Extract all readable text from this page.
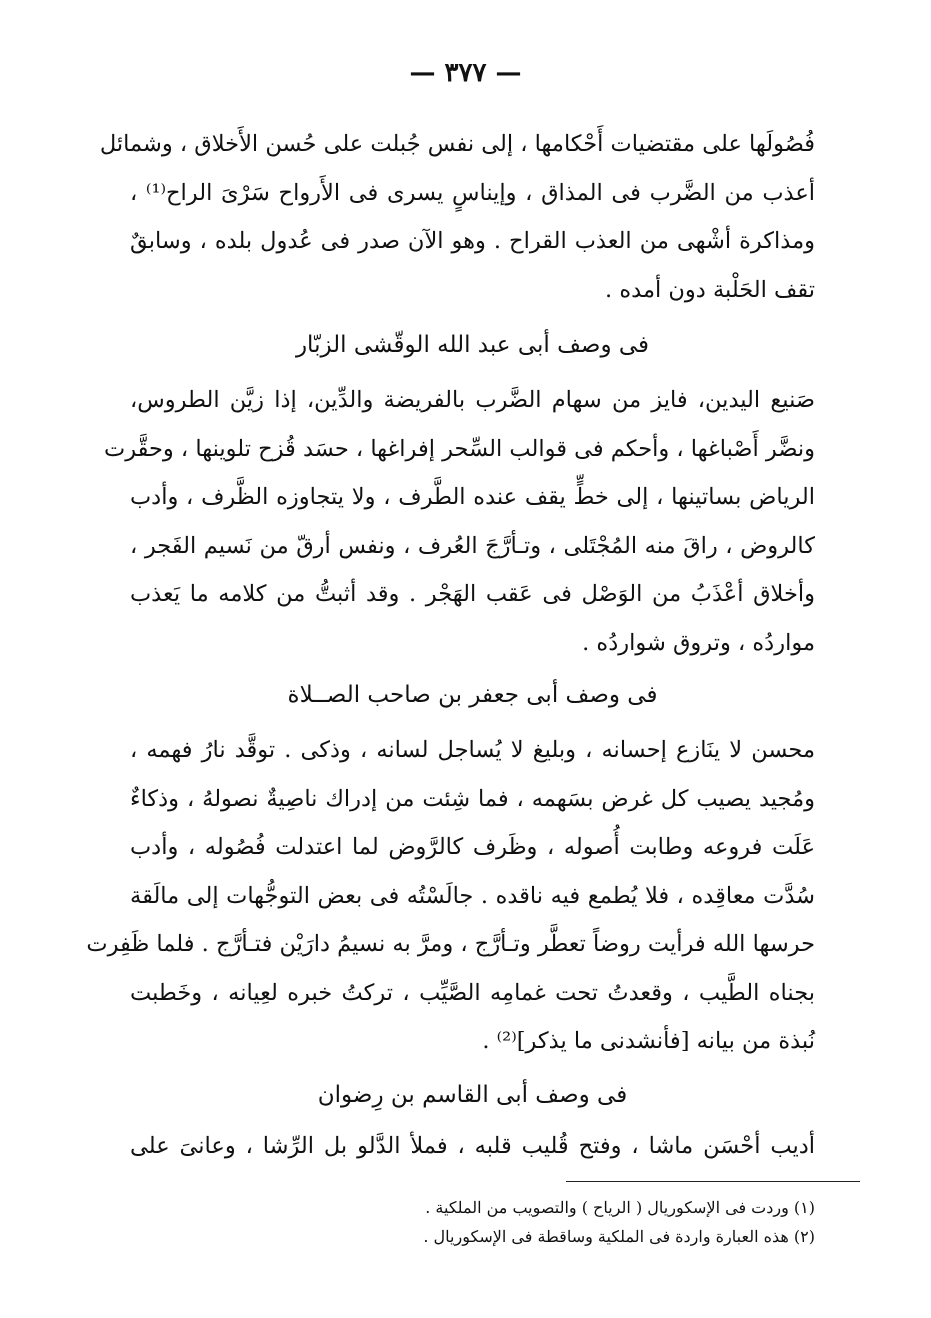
— ٣٧٧ —
فُصُولَها على مقتضيات أَحْكامها ، إلى نفس جُبلت على حُسن الأَخلاق ، وشمائل
أعذب من الضَّرب فى المذاق ، وإيناسٍ يسرى فى الأَرواح سَرْىَ الراح⁽¹⁾ ،
ومذاكرة أشْهى من العذب القراح . وهو الآن صدر فى عُدول بلده ، وسابقٌ
تقف الحَلْبة دون أمده .
فى وصف أبى عبد الله الوقّشى الزبّار
صَنيع اليدين، فايز من سهام الضَّرب بالفريضة والدِّين، إذا زيَّن الطروس،
ونضَّر أَصْباغها ، وأحكم فى قوالب السِّحر إفراغها ، حسَد قُزح تلوينها ، وحقَّرت
الرياض بساتينها ، إلى خطٍّ يقف عنده الطَّرف ، ولا يتجاوزه الظَّرف ، وأدب
كالروض ، راقَ منه المُجْتَلى ، وتـأرَّجَ العُرف ، ونفس أرقّ من نَسيم الفَجر ،
وأخلاق أعْذَبُ من الوَصْل فى عَقب الهَجْر . وقد أثبتُّ من كلامه ما يَعذب
مواردُه ، وتروق شواردُه .
فى وصف أبى جعفر بن صاحب الصــلاة
محسن لا ينَازع إحسانه ، وبليغ لا يُساجل لسانه ، وذكى . توقَّد نارُ فهمه ،
ومُجيد يصيب كل غرض بسَهمه ، فما شِئت من إدراك ناصِيةٌ نصولهُ ، وذكاءٌ
عَلَت فروعه وطابت أُصوله ، وظَرف كالرَّوض لما اعتدلت فُصُوله ، وأدب
سُدَّت معاقِده ، فلا يُطمع فيه ناقده . جالَسْتُه فى بعض التوجُّهات إلى مالَقة
حرسها الله فرأيت روضاً تعطَّر وتـأرَّج ، ومرَّ به نسيمُ دارَيْن فتـأرَّج . فلما ظَفِرت
بجناه الطَّيب ، وقعدتُ تحت غمامِه الصَّيِّب ، تركتُ خبره لعِيانه ، وخَطبت
نُبذة من بيانه [فأنشدنى ما يذكر]⁽²⁾ .
فى وصف أبى القاسم بن رِضوان
أديب أحْسَن ماشا ، وفتح قُليب قلبه ، فملأ الدَّلو بل الرِّشا ، وعانىَ على
(١) وردت فى الإسكوريال ( الرياح ) والتصويب من الملكية .
(٢) هذه العبارة واردة فى الملكية وساقطة فى الإسكوريال .
